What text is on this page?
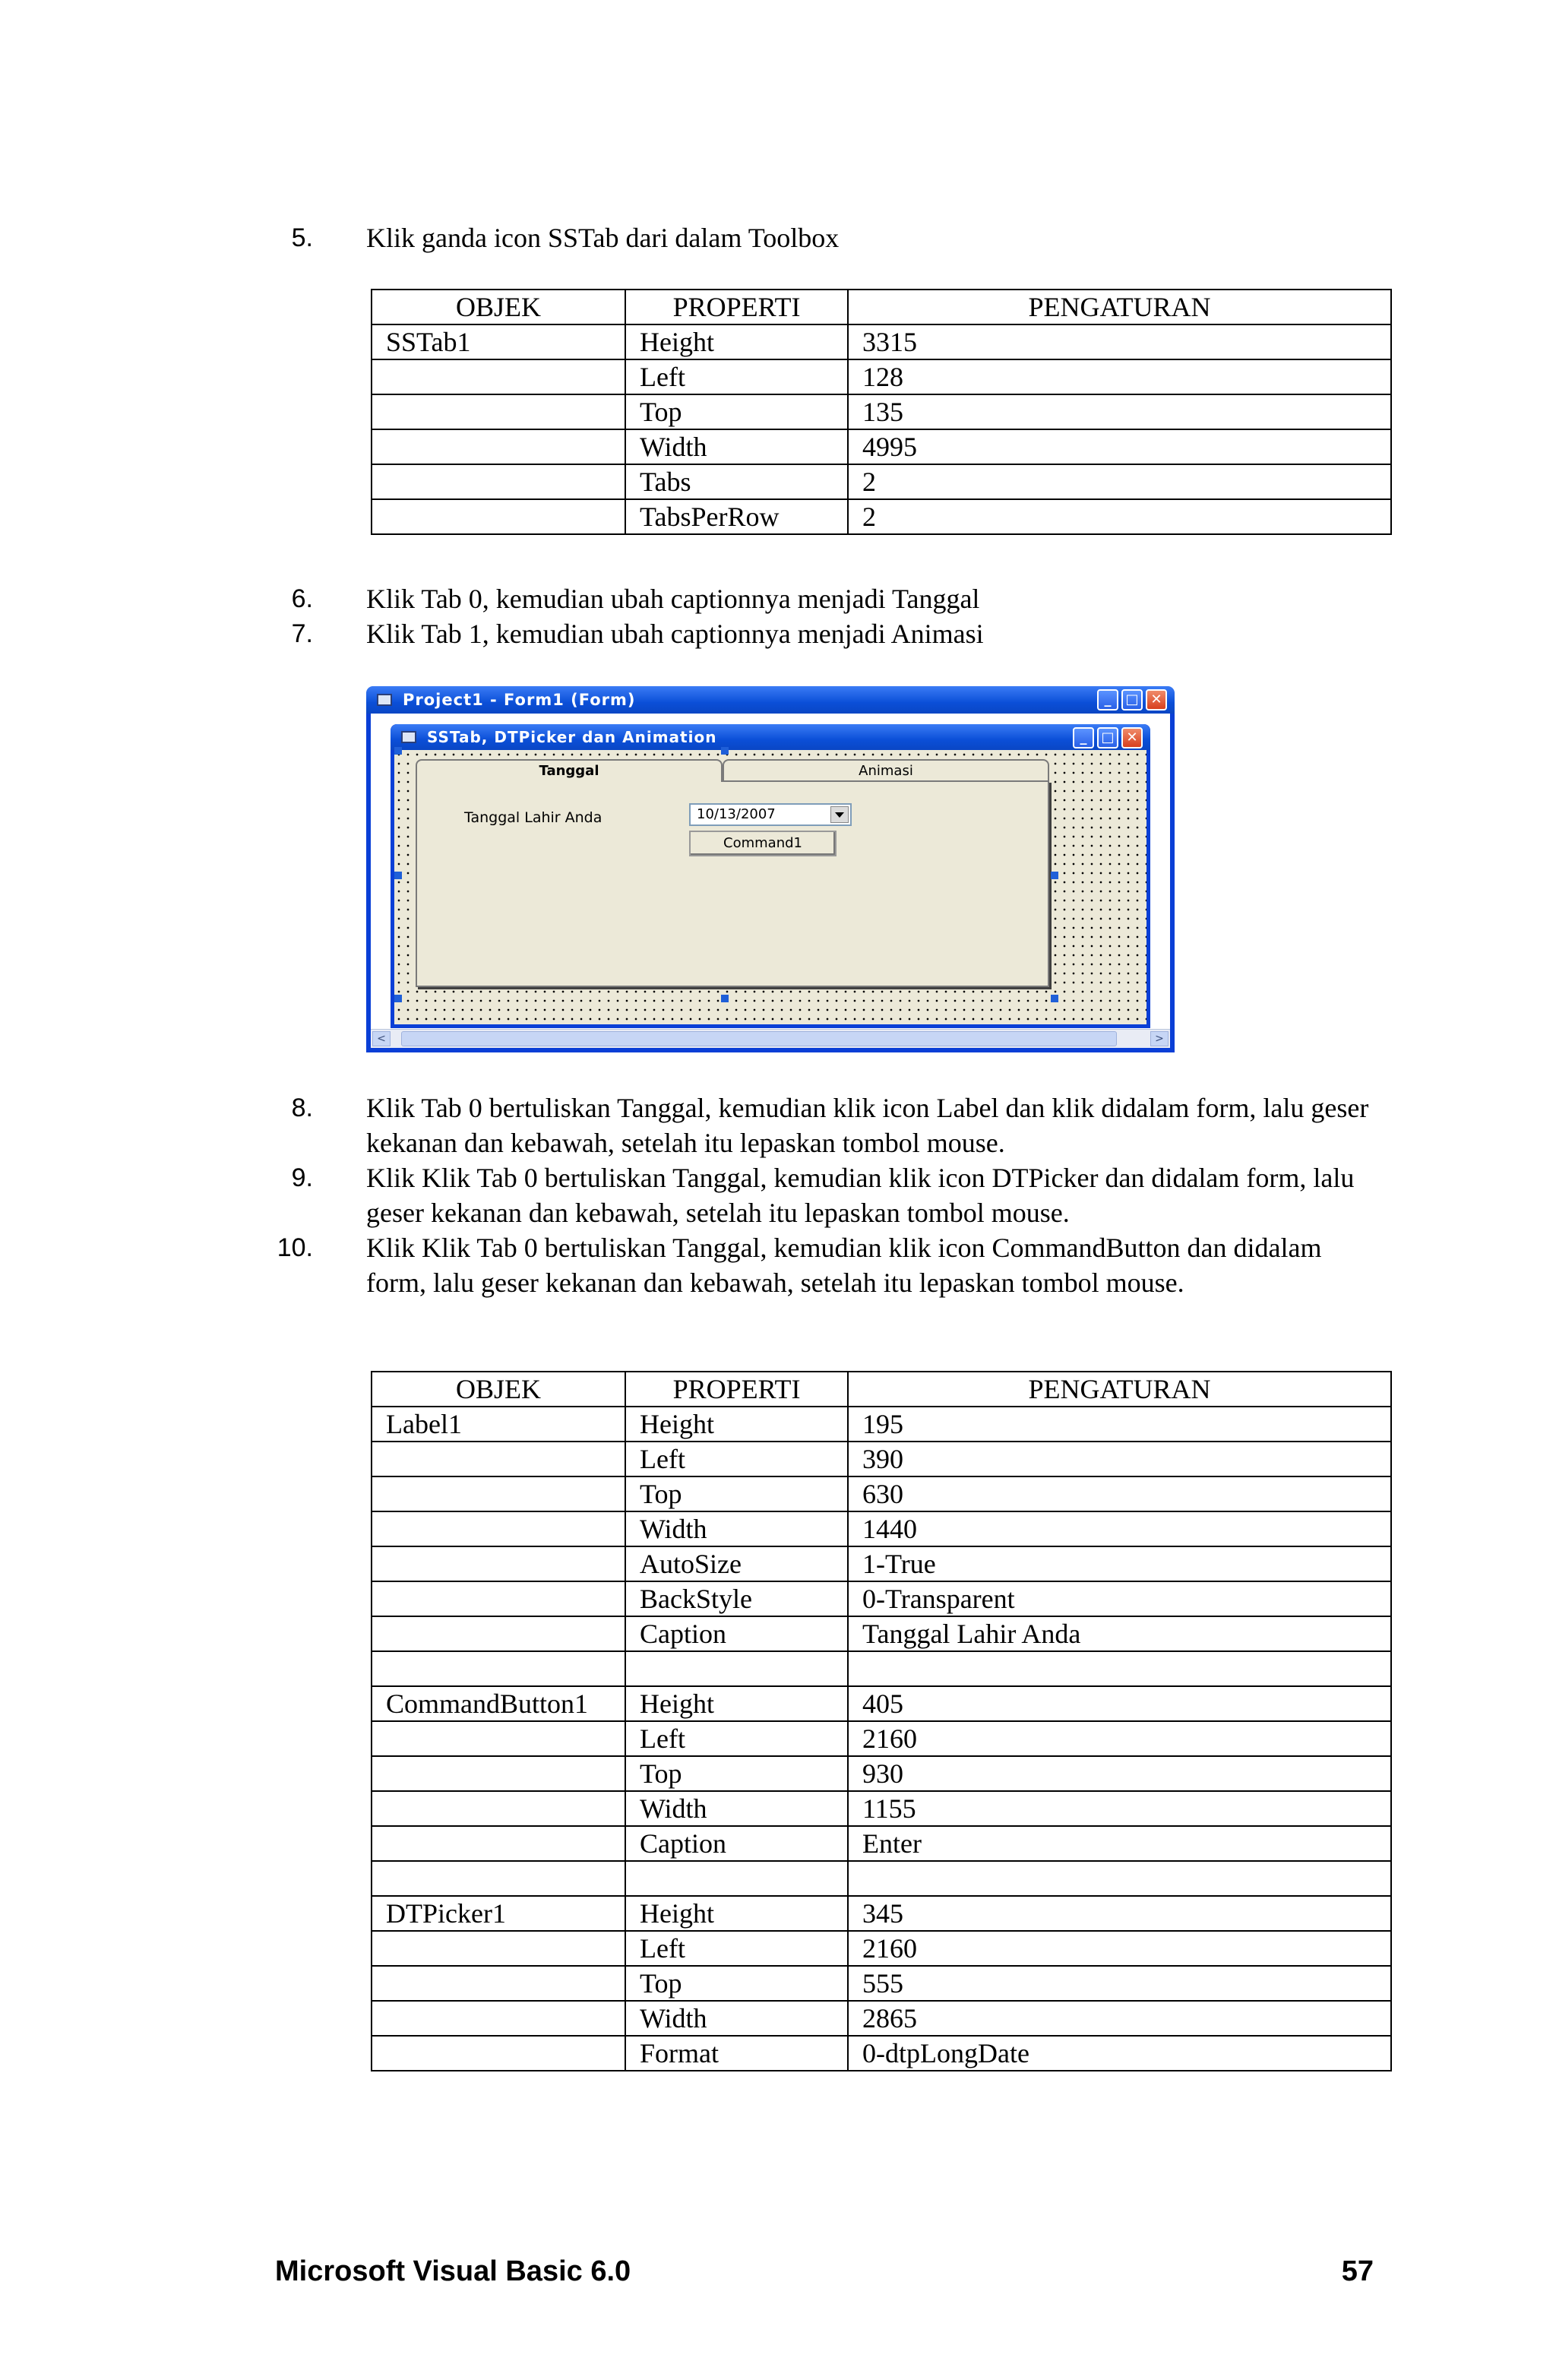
5. Klik ganda icon SSTab dari dalam Toolbox
OBJEK	PROPERTI	PENGATURAN
SSTab1	Height	3315
	Left	128
	Top	135
	Width	4995
	Tabs	2
	TabsPerRow	2
6. Klik Tab 0, kemudian ubah captionnya menjadi Tanggal
7. Klik Tab 1, kemudian ubah captionnya menjadi Animasi
Project1 - Form1 (Form)	_	□ ✕
SSTab, DTPicker dan Animation	_	□ ✕
Animasi
Tanggal Lahir Anda	10/13/2007
Command1
Tanggal
<	>
8. Klik Tab 0 bertuliskan Tanggal, kemudian klik icon Label dan klik didalam form, lalu geser kekanan dan kebawah, setelah itu lepaskan tombol mouse.
9. Klik Klik Tab 0 bertuliskan Tanggal, kemudian klik icon DTPicker dan didalam form, lalu geser kekanan dan kebawah, setelah itu lepaskan tombol mouse.
10. Klik Klik Tab 0 bertuliskan Tanggal, kemudian klik icon CommandButton dan didalam form, lalu geser kekanan dan kebawah, setelah itu lepaskan tombol mouse.
OBJEK	PROPERTI	PENGATURAN
Label1	Height	195
	Left	390
	Top	630
	Width	1440
	AutoSize	1-True
	BackStyle	0-Transparent
	Caption	Tanggal Lahir Anda

CommandButton1	Height	405
	Left	2160
	Top	930
	Width	1155
	Caption	Enter

DTPicker1	Height	345
	Left	2160
	Top	555
	Width	2865
	Format	0-dtpLongDate
Microsoft Visual Basic 6.0	57
